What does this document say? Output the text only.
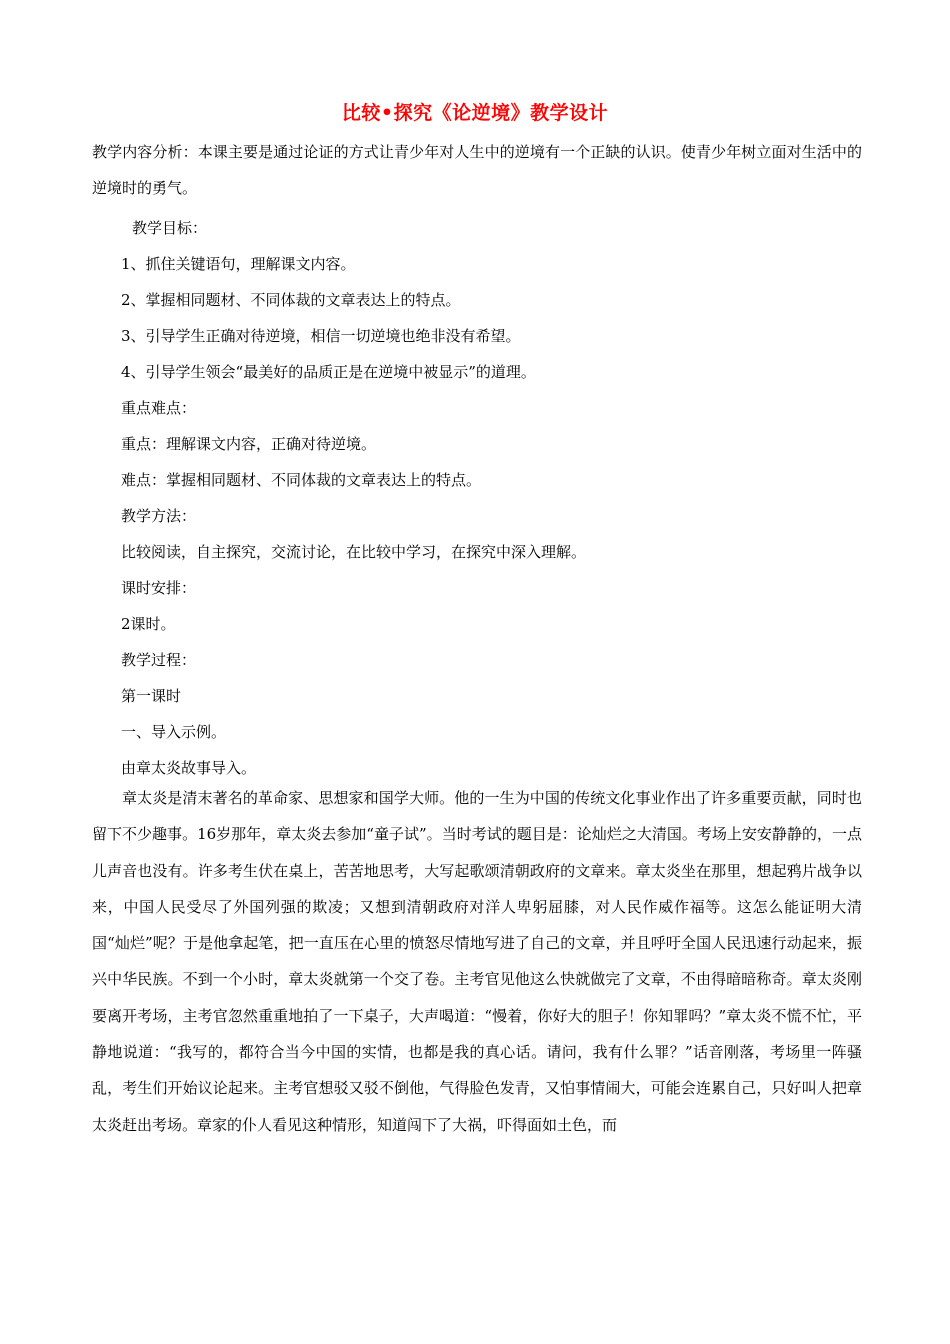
比较•探究《论逆境》教学设计
教学内容分析：本课主要是通过论证的方式让青少年对人生中的逆境有一个正缺的认识。使青少年树立面对生活中的逆境时的勇气。
教学目标：
1、抓住关键语句，理解课文内容。
2、掌握相同题材、不同体裁的文章表达上的特点。
3、引导学生正确对待逆境，相信一切逆境也绝非没有希望。
4、引导学生领会“最美好的品质正是在逆境中被显示”的道理。
重点难点：
重点：理解课文内容，正确对待逆境。
难点：掌握相同题材、不同体裁的文章表达上的特点。
教学方法：
比较阅读，自主探究，交流讨论，在比较中学习，在探究中深入理解。
课时安排：
2课时。
教学过程：
第一课时
一、导入示例。
由章太炎故事导入。
章太炎是清末著名的革命家、思想家和国学大师。他的一生为中国的传统文化事业作出了许多重要贡献，同时也留下不少趣事。16岁那年，章太炎去参加“童子试”。当时考试的题目是：论灿烂之大清国。考场上安安静静的，一点儿声音也没有。许多考生伏在桌上，苦苦地思考，大写起歌颂清朝政府的文章来。章太炎坐在那里，想起鸦片战争以来，中国人民受尽了外国列强的欺凌；又想到清朝政府对洋人卑躬屈膝，对人民作威作福等。这怎么能证明大清国“灿烂”呢？于是他拿起笔，把一直压在心里的愤怒尽情地写进了自己的文章，并且呼吁全国人民迅速行动起来，振兴中华民族。不到一个小时，章太炎就第一个交了卷。主考官见他这么快就做完了文章，不由得暗暗称奇。章太炎刚要离开考场，主考官忽然重重地拍了一下桌子，大声喝道：“慢着，你好大的胆子！你知罪吗？”章太炎不慌不忙，平静地说道：“我写的，都符合当今中国的实情，也都是我的真心话。请问，我有什么罪？”话音刚落，考场里一阵骚乱，考生们开始议论起来。主考官想驳又驳不倒他，气得脸色发青，又怕事情闹大，可能会连累自己，只好叫人把章太炎赶出考场。章家的仆人看见这种情形，知道闯下了大祸，吓得面如土色，而
